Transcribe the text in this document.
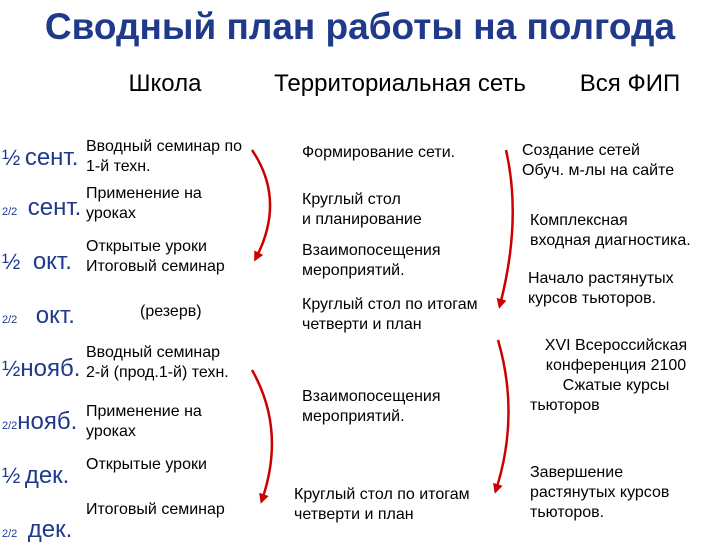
Сводный план работы на полгода
Школа	Территориальная сеть	Вся ФИП
½ сент.
2/2 сент.
½ окт.
2/2 окт.
½нояб.
2/2нояб.
½ дек.
2/2 дек.
Вводный семинар по
1-й техн.
Применение на
уроках
Открытые уроки
Итоговый семинар
(резерв)
Вводный семинар
2-й (прод.1-й) техн.
Применение на
уроках
Открытые уроки
Итоговый семинар
Формирование сети.
Круглый стол
и планирование
Взаимопосещения
мероприятий.
Круглый стол по итогам
четверти и план
Взаимопосещения
мероприятий.
Круглый стол по итогам
четверти и план
Создание сетей
Обуч. м-лы на сайте
Комплексная
входная диагностика.
Начало растянутых
курсов тьюторов.
XVI Всероссийская
конференция 2100
Сжатые курсы
тьюторов
Завершение
растянутых курсов
тьюторов.
